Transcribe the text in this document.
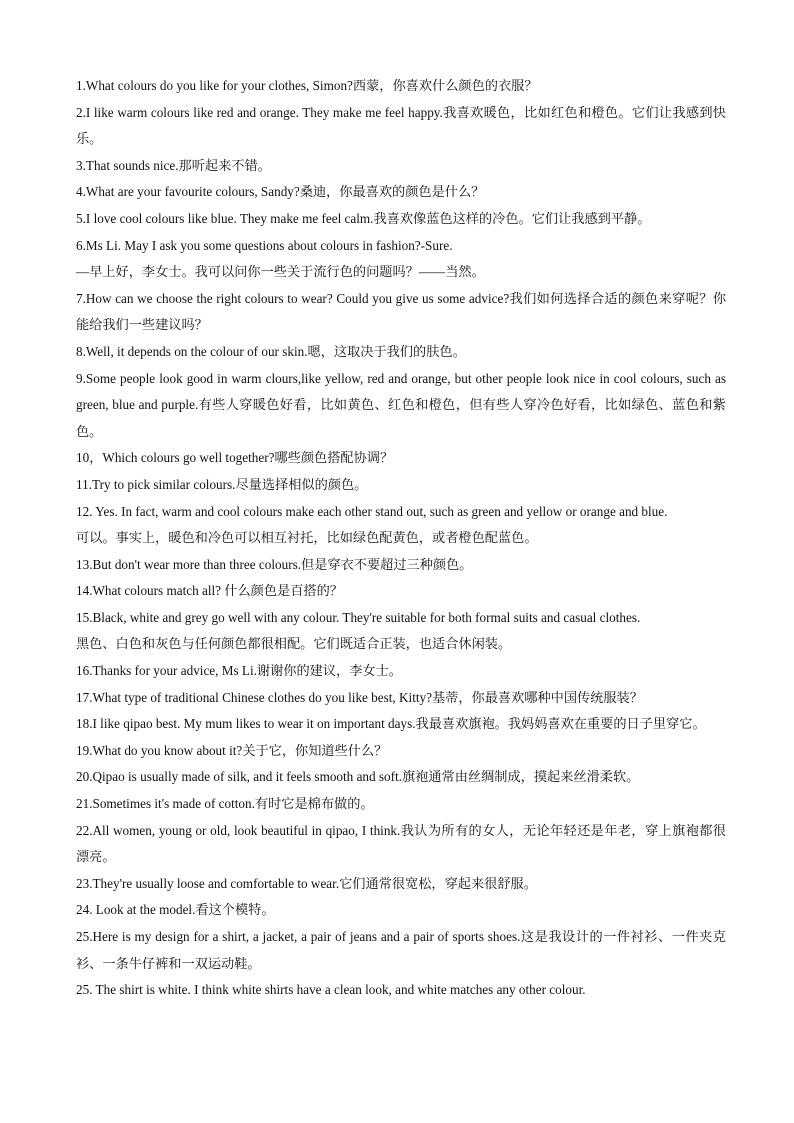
1.What colours do you like for your clothes, Simon?西蒙，你喜欢什么颜色的衣服？

2.I like warm colours like red and orange. They make me feel happy.我喜欢暖色，比如红色和橙色。它们让我感到快乐。

3.That sounds nice.那听起来不错。

4.What are your favourite colours, Sandy?桑迪，你最喜欢的颜色是什么？

5.I love cool colours like blue. They make me feel calm.我喜欢像蓝色这样的冷色。它们让我感到平静。

6.Ms Li. May I ask you some questions about colours in fashion?-Sure.

—早上好，李女士。我可以问你一些关于流行色的问题吗？——当然。

7.How can we choose the right colours to wear? Could you give us some advice?我们如何选择合适的颜色来穿呢？你能给我们一些建议吗？

8.Well, it depends on the colour of our skin.嗯，这取决于我们的肤色。

9.Some people look good in warm clours,like yellow, red and orange, but other people look nice in cool colours, such as green, blue and purple.有些人穿暖色好看，比如黄色、红色和橙色，但有些人穿冷色好看，比如绿色、蓝色和紫色。

10，Which colours go well together?哪些颜色搭配协调？

11.Try to pick similar colours.尽量选择相似的颜色。

12. Yes. In fact, warm and cool colours make each other stand out, such as green and yellow or orange and blue.

可以。事实上，暖色和冷色可以相互衬托，比如绿色配黄色，或者橙色配蓝色。

13.But don't wear more than three colours.但是穿衣不要超过三种颜色。

14.What colours match all? 什么颜色是百搭的？

15.Black, white and grey go well with any colour. They're suitable for both formal suits and casual clothes.

黑色、白色和灰色与任何颜色都很相配。它们既适合正装，也适合休闲装。

16.Thanks for your advice, Ms Li.谢谢你的建议，李女士。

17.What type of traditional Chinese clothes do you like best, Kitty?基蒂，你最喜欢哪种中国传统服装？

18.I like qipao best. My mum likes to wear it on important days.我最喜欢旗袍。我妈妈喜欢在重要的日子里穿它。

19.What do you know about it?关于它，你知道些什么？

20.Qipao is usually made of silk, and it feels smooth and soft.旗袍通常由丝绸制成，摸起来丝滑柔软。

21.Sometimes it's made of cotton.有时它是棉布做的。

22.All women, young or old, look beautiful in qipao, I think.我认为所有的女人，无论年轻还是年老，穿上旗袍都很漂亮。

23.They're usually loose and comfortable to wear.它们通常很宽松，穿起来很舒服。

24. Look at the model.看这个模特。

25.Here is my design for a shirt, a jacket, a pair of jeans and a pair of sports shoes.这是我设计的一件衬衫、一件夹克衫、一条牛仔裤和一双运动鞋。

25. The shirt is white. I think white shirts have a clean look, and white matches any other colour.
